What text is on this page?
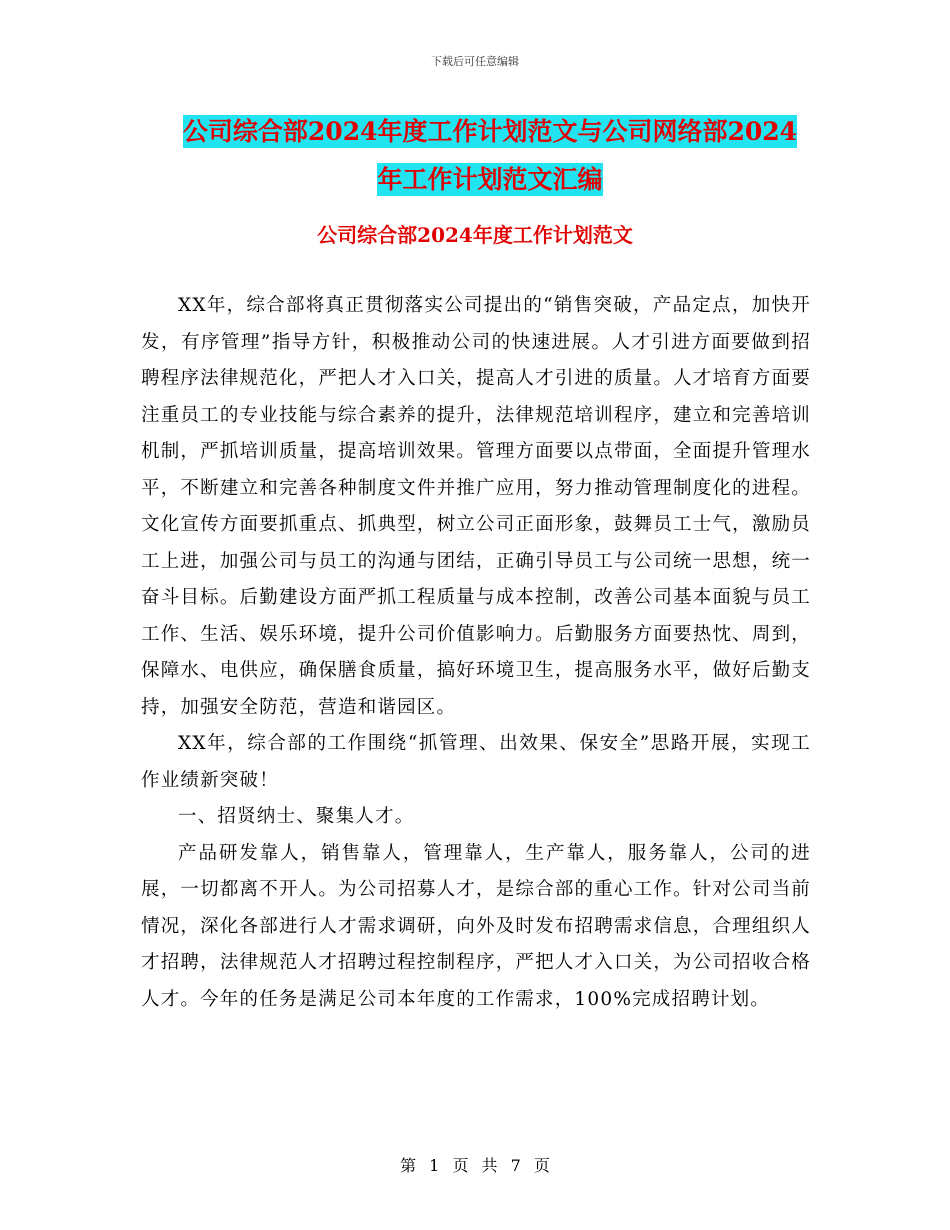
下载后可任意编辑
公司综合部2024年度工作计划范文与公司网络部2024
年工作计划范文汇编
公司综合部2024年度工作计划范文

XX年，综合部将真正贯彻落实公司提出的“销售突破，产品定点，加快开发，有序管理”指导方针，积极推动公司的快速进展。人才引进方面要做到招聘程序法律规范化，严把人才入口关，提高人才引进的质量。人才培育方面要注重员工的专业技能与综合素养的提升，法律规范培训程序，建立和完善培训机制，严抓培训质量，提高培训效果。管理方面要以点带面，全面提升管理水平，不断建立和完善各种制度文件并推广应用，努力推动管理制度化的进程。文化宣传方面要抓重点、抓典型，树立公司正面形象，鼓舞员工士气，激励员工上进，加强公司与员工的沟通与团结，正确引导员工与公司统一思想，统一奋斗目标。后勤建设方面严抓工程质量与成本控制，改善公司基本面貌与员工工作、生活、娱乐环境，提升公司价值影响力。后勤服务方面要热忱、周到，保障水、电供应，确保膳食质量，搞好环境卫生，提高服务水平，做好后勤支持，加强安全防范，营造和谐园区。

XX年，综合部的工作围绕“抓管理、出效果、保安全”思路开展，实现工作业绩新突破！

一、招贤纳士、聚集人才。

产品研发靠人，销售靠人，管理靠人，生产靠人，服务靠人，公司的进展，一切都离不开人。为公司招募人才，是综合部的重心工作。针对公司当前情况，深化各部进行人才需求调研，向外及时发布招聘需求信息，合理组织人才招聘，法律规范人才招聘过程控制程序，严把人才入口关，为公司招收合格人才。今年的任务是满足公司本年度的工作需求，100%完成招聘计划。

第 1 页 共 7 页
